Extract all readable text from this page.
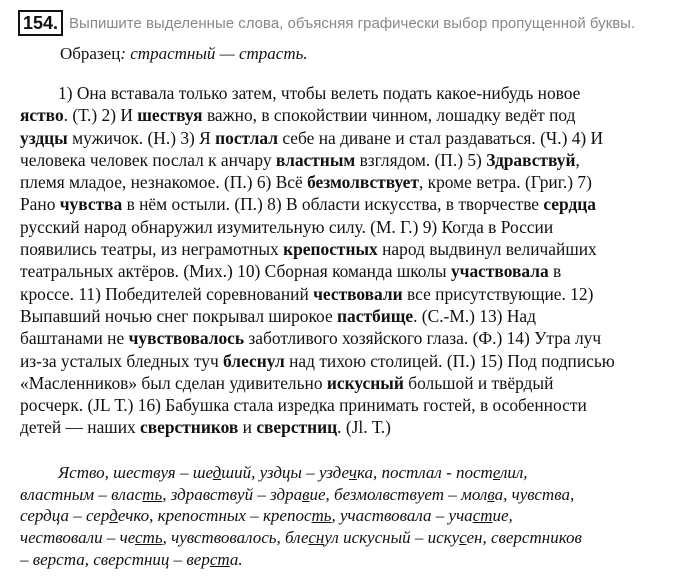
154. Выпишите выделенные слова, объясняя графически выбор пропущенной буквы.
Образец: страстный — страсть.
1) Она вставала только затем, чтобы велеть подать какое-нибудь новое
яство. (Т.) 2) И шествуя важно, в спокойствии чинном, лошадку ведёт под
уздцы мужичок. (Н.) 3) Я постлал себе на диване и стал раздаваться. (Ч.) 4) И
человека человек послал к анчару властным взглядом. (П.) 5) Здравствуй,
племя младое, незнакомое. (П.) 6) Всё безмолвствует, кроме ветра. (Григ.) 7)
Рано чувства в нём остыли. (П.) 8) В области искусства, в творчестве сердца
русский народ обнаружил изумительную силу. (М. Г.) 9) Когда в России
появились театры, из неграмотных крепостных народ выдвинул величайших
театральных актёров. (Мих.) 10) Сборная команда школы участвовала в
кроссе. 11) Победителей соревнований чествовали все присутствующие. 12)
Выпавший ночью снег покрывал широкое пастбище. (С.-М.) 13) Над
баштанами не чувствовалось заботливого хозяйского глаза. (Ф.) 14) Утра луч
из-за усталых бледных туч блеснул над тихою столицей. (П.) 15) Под подписью
«Масленников» был сделан удивительно искусный большой и твёрдый
росчерк. (JL Т.) 16) Бабушка стала изредка принимать гостей, в особенности
детей — наших сверстников и сверстниц. (Jl. Т.)
Яство, шествуя – шедший, уздцы – уздечка, постлал - постелил,
властным – власть, здравствуй – здравие, безмолвствует – молва, чувства,
сердца – сердечко, крепостных – крепость, участвовала – участие,
чествовали – честь, чувствовалось, блеснул искусный – искусен, сверстников
– верста, сверстниц – верста.
